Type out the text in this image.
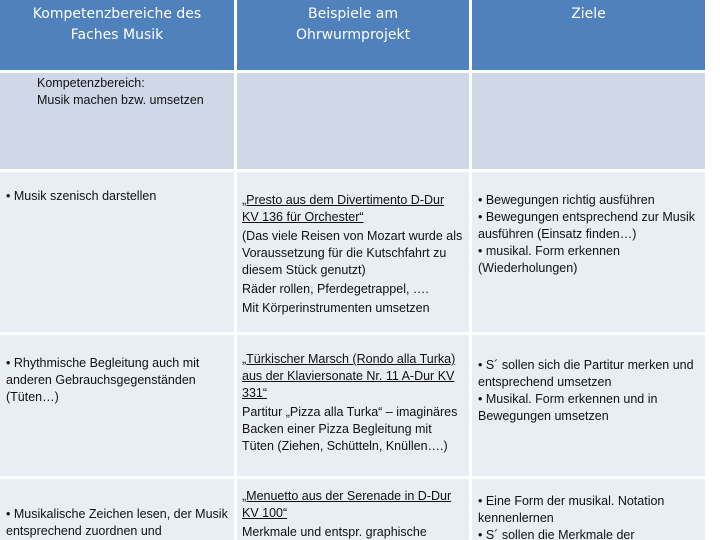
Kompetenzbereiche des Faches Musik
Beispiele am Ohrwurmprojekt
Ziele
Kompetenzbereich:
Musik machen bzw. umsetzen
• Musik szenisch darstellen	„Presto aus dem Divertimento D-Dur KV 136 für Orchester“
(Das viele Reisen von Mozart wurde als Voraussetzung für die Kutschfahrt zu diesem Stück genutzt)
Räder rollen, Pferdegetrappel, ….
Mit Körperinstrumenten umsetzen
• Bewegungen richtig ausführen
• Bewegungen entsprechend zur Musik ausführen (Einsatz finden…)
• musikal. Form erkennen (Wiederholungen)
• Rhythmische Begleitung auch mit anderen Gebrauchsgegenständen (Tüten…)
„Türkischer Marsch (Rondo alla Turka) aus der Klaviersonate Nr. 11 A-Dur KV 331“
Partitur „Pizza alla Turka“ – imaginäres Backen einer Pizza Begleitung mit Tüten (Ziehen, Schütteln, Knüllen….)
• S´ sollen sich die Partitur merken und entsprechend umsetzen
• Musikal. Form erkennen und in Bewegungen umsetzen
• Musikalische Zeichen lesen, der Musik entsprechend zuordnen und
„Menuetto aus der Serenade in D-Dur KV 100“
Merkmale und entspr. graphische
• Eine Form der musikal. Notation kennenlernen
• S´ sollen die Merkmale der
